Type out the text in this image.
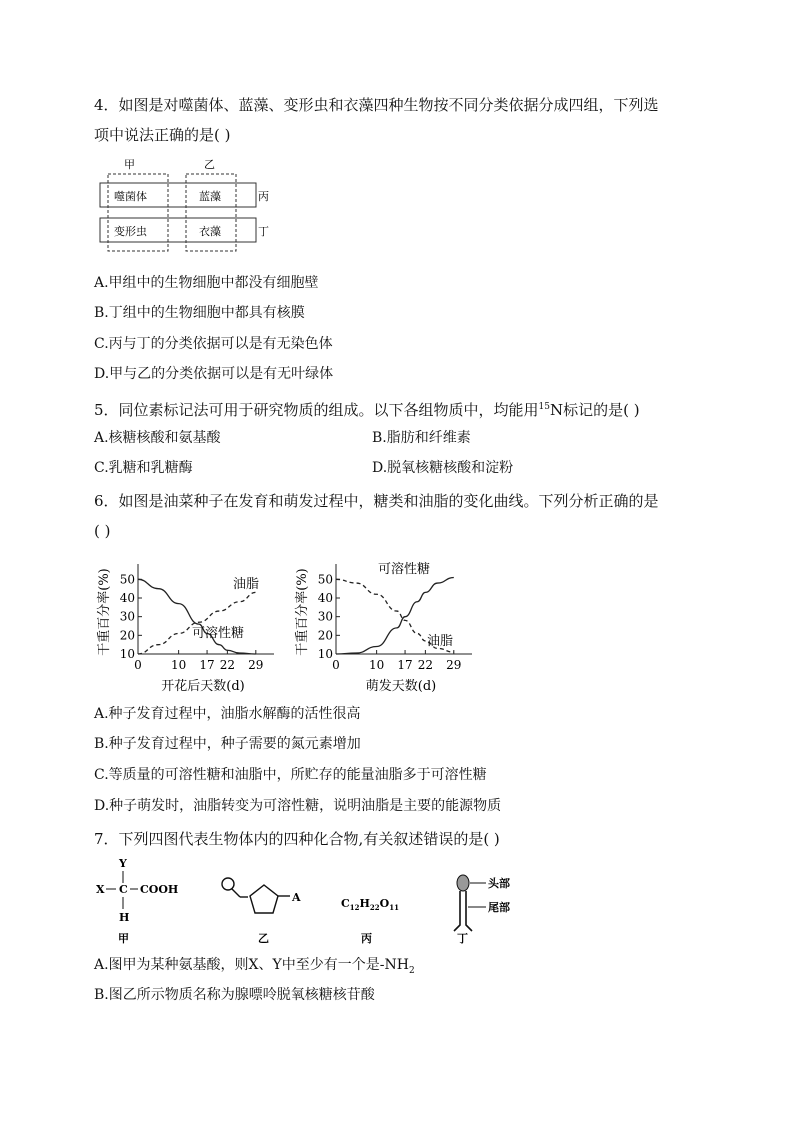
4．如图是对噬菌体、蓝藻、变形虫和衣藻四种生物按不同分类依据分成四组，下列选
项中说法正确的是( )
甲	乙
噬菌体	蓝藻
变形虫	衣藻
丙
丁
A.甲组中的生物细胞中都没有细胞壁
B.丁组中的生物细胞中都具有核膜
C.丙与丁的分类依据可以是有无染色体
D.甲与乙的分类依据可以是有无叶绿体
5．同位素标记法可用于研究物质的组成。以下各组物质中，均能用$^{15}$N标记的是( )
A.核糖核酸和氨基酸	B.脂肪和纤维素
C.乳糖和乳糖酶	D.脱氧核糖核酸和淀粉
6．如图是油菜种子在发育和萌发过程中，糖类和油脂的变化曲线。下列分析正确的是
( )
10
20
30
40
50
0 10 17 22 29
干重百分率(%)
开花后天数(d)
油脂
可溶性糖
10
20
30
40
50
0 10 17 22 29
干重百分率(%)
萌发天数(d)
可溶性糖
油脂
A.种子发育过程中，油脂水解酶的活性很高
B.种子发育过程中，种子需要的氮元素增加
C.等质量的可溶性糖和油脂中，所贮存的能量油脂多于可溶性糖
D.种子萌发时，油脂转变为可溶性糖，说明油脂是主要的能源物质
7．下列四图代表生物体内的四种化合物,有关叙述错误的是( )
Y
X C COOH
H
甲
A
乙
$C_{12}H_{22}O_{11}$
丙
头部
尾部
丁
A.图甲为某种氨基酸，则X、Y中至少有一个是$-NH_2$
B.图乙所示物质名称为腺嘌呤脱氧核糖核苷酸
